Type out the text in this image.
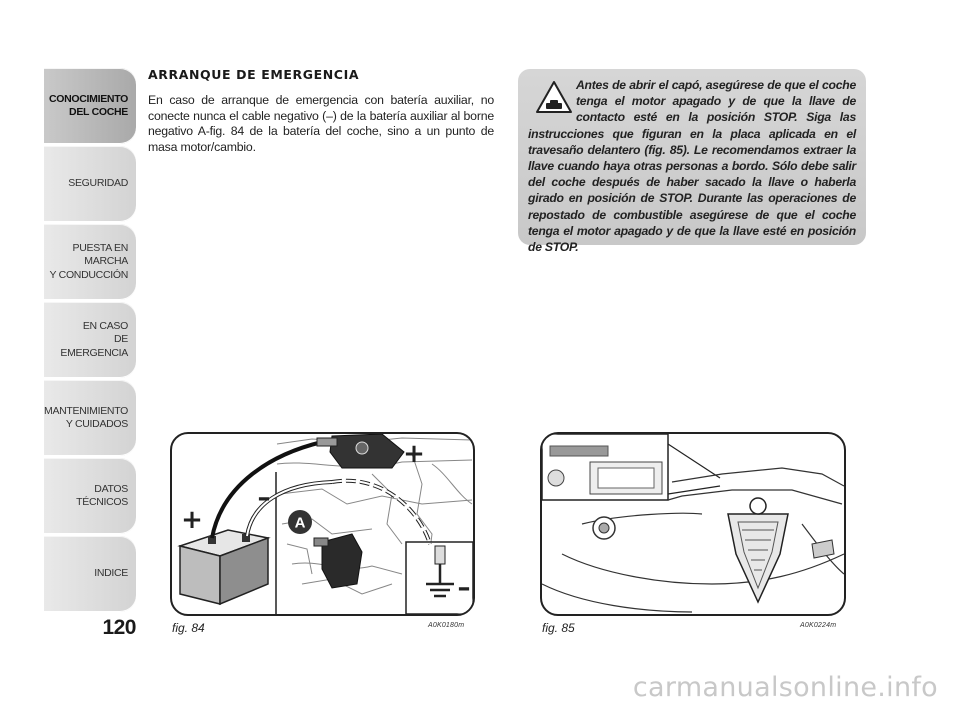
CONOCIMIENTO
DEL COCHE
SEGURIDAD
PUESTA EN MARCHA
Y CONDUCCIÓN
EN CASO
DE EMERGENCIA
MANTENIMIENTO
Y CUIDADOS
DATOS TÉCNICOS
INDICE
120
ARRANQUE DE EMERGENCIA
En caso de arranque de emergencia con batería auxiliar, no conecte nunca el cable negativo (–) de la batería auxiliar al borne negativo A-fig. 84 de la batería del coche, sino a un punto de masa motor/cambio.
Antes de abrir el capó, asegúrese de que el coche tenga el motor apagado y de que la llave de contacto esté en la posición STOP. Siga las instrucciones que figuran en la placa aplicada en el travesaño delantero (fig. 85). Le recomendamos extraer la llave cuando haya otras personas a bordo. Sólo debe salir del coche después de haber sacado la llave o haberla girado en posición de STOP. Durante las operaciones de repostado de combustible asegúrese de que el coche tenga el motor apagado y de que la llave esté en posición de STOP.
A
+
–
+
–
fig. 84	A0K0180m	fig. 85	A0K0224m
carmanualsonline.info
